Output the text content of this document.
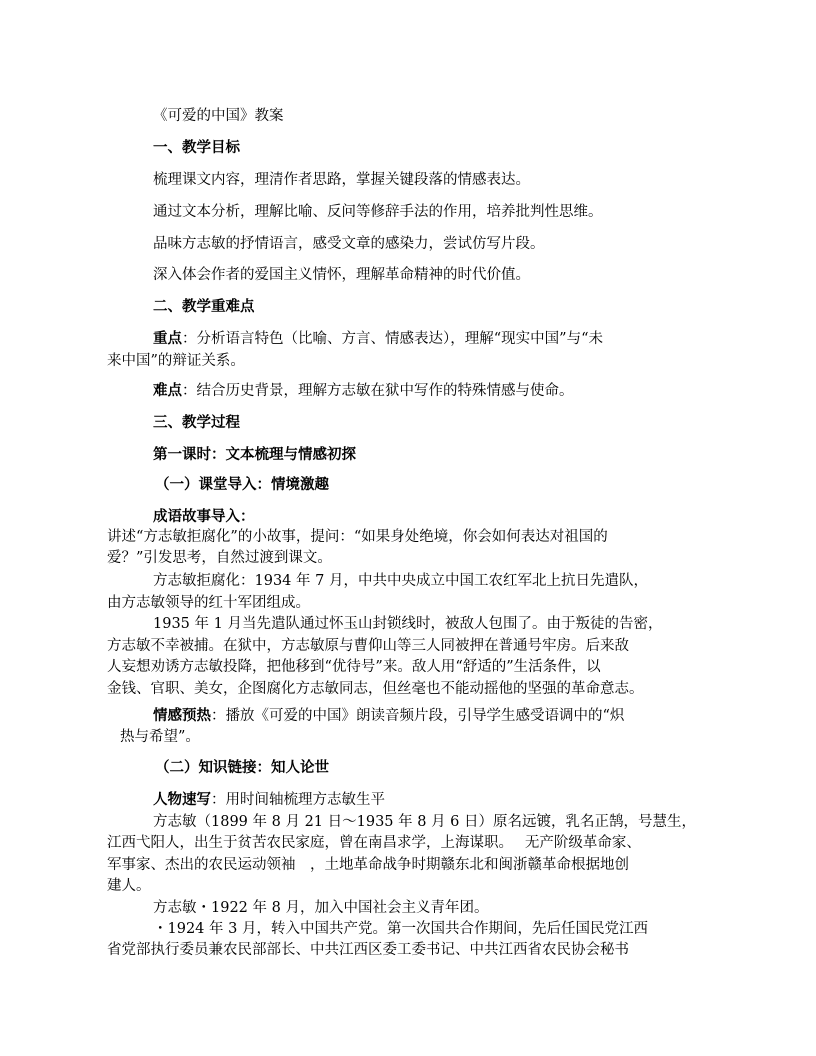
《可爱的中国》教案
一、教学目标
梳理课文内容，理清作者思路，掌握关键段落的情感表达。
通过文本分析，理解比喻、反问等修辞手法的作用，培养批判性思维。
品味方志敏的抒情语言，感受文章的感染力，尝试仿写片段。
深入体会作者的爱国主义情怀，理解革命精神的时代价值。
二、教学重难点
重点：分析语言特色（比喻、方言、情感表达），理解“现实中国”与“未
来中国”的辩证关系。
难点：结合历史背景，理解方志敏在狱中写作的特殊情感与使命。
三、教学过程
第一课时：文本梳理与情感初探
（一）课堂导入：情境激趣
成语故事导入：
讲述“方志敏拒腐化”的小故事，提问：“如果身处绝境，你会如何表达对祖国的
爱？”引发思考，自然过渡到课文。
方志敏拒腐化：1934 年 7 月，中共中央成立中国工农红军北上抗日先遣队，
由方志敏领导的红十军团组成。
1935 年 1 月当先遣队通过怀玉山封锁线时，被敌人包围了。由于叛徒的告密，
方志敏不幸被捕。在狱中，方志敏原与曹仰山等三人同被押在普通号牢房。后来敌
人妄想劝诱方志敏投降，把他移到“优待号”来。敌人用“舒适的”生活条件，以
金钱、官职、美女，企图腐化方志敏同志，但丝毫也不能动摇他的坚强的革命意志。
情感预热：播放《可爱的中国》朗读音频片段，引导学生感受语调中的“炽
热与希望”。
（二）知识链接：知人论世
人物速写：用时间轴梳理方志敏生平
方志敏（1899 年 8 月 21 日～1935 年 8 月 6 日）原名远镀，乳名正鹄，号慧生，
江西弋阳人，出生于贫苦农民家庭，曾在南昌求学，上海谋职。　 无产阶级革命家、
军事家、杰出的农民运动领袖　，土地革命战争时期赣东北和闽浙赣革命根据地创
建人。
方志敏・1922 年 8 月，加入中国社会主义青年团。
・1924 年 3 月，转入中国共产党。第一次国共合作期间，先后任国民党江西
省党部执行委员兼农民部部长、中共江西区委工委书记、中共江西省农民协会秘书
